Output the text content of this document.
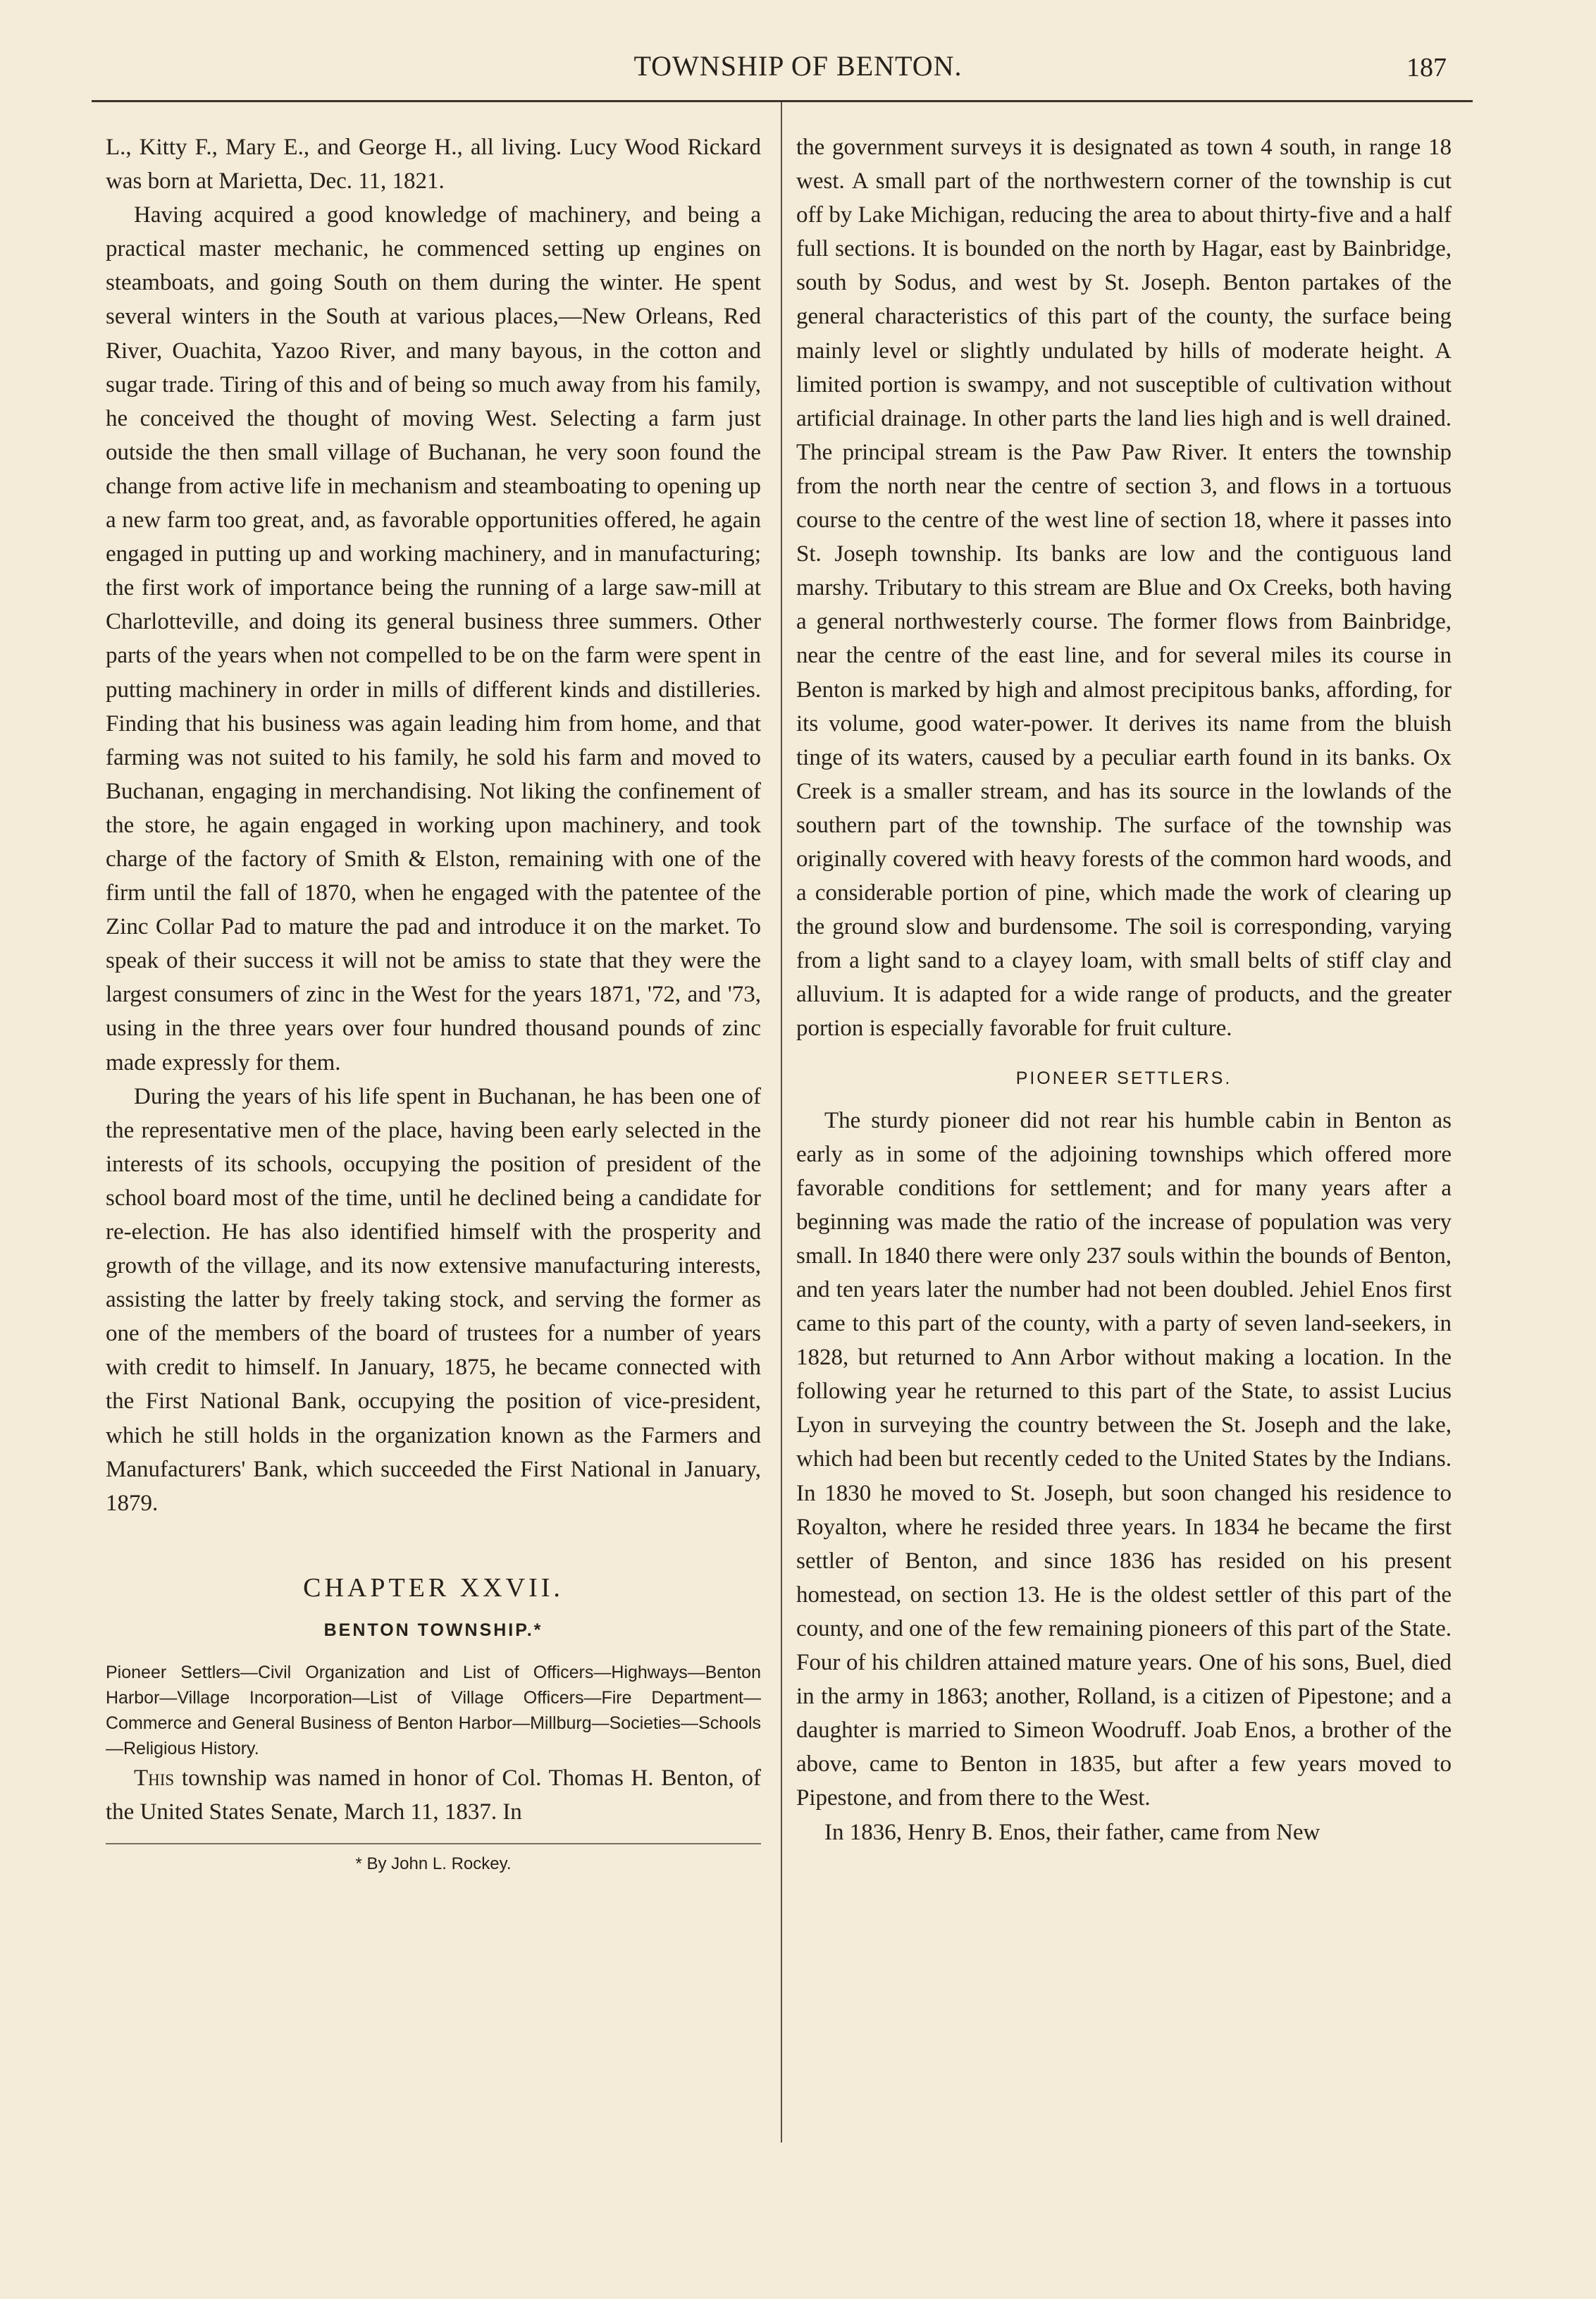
TOWNSHIP OF BENTON.	187

L., Kitty F., Mary E., and George H., all living. Lucy Wood Rickard was born at Marietta, Dec. 11, 1821.

Having acquired a good knowledge of machinery, and being a practical master mechanic, he commenced setting up engines on steamboats, and going South on them during the winter. He spent several winters in the South at various places,—New Orleans, Red River, Ouachita, Yazoo River, and many bayous, in the cotton and sugar trade. Tiring of this and of being so much away from his family, he conceived the thought of moving West. Selecting a farm just outside the then small village of Buchanan, he very soon found the change from active life in mechanism and steamboating to opening up a new farm too great, and, as favorable opportunities offered, he again engaged in putting up and working machinery, and in manufacturing; the first work of importance being the running of a large saw-mill at Charlotteville, and doing its general business three summers. Other parts of the years when not compelled to be on the farm were spent in putting machinery in order in mills of different kinds and distilleries. Finding that his business was again leading him from home, and that farming was not suited to his family, he sold his farm and moved to Buchanan, engaging in merchandising. Not liking the confinement of the store, he again engaged in working upon machinery, and took charge of the factory of Smith & Elston, remaining with one of the firm until the fall of 1870, when he engaged with the patentee of the Zinc Collar Pad to mature the pad and introduce it on the market. To speak of their success it will not be amiss to state that they were the largest consumers of zinc in the West for the years 1871, '72, and '73, using in the three years over four hundred thousand pounds of zinc made expressly for them.

During the years of his life spent in Buchanan, he has been one of the representative men of the place, having been early selected in the interests of its schools, occupying the position of president of the school board most of the time, until he declined being a candidate for re-election. He has also identified himself with the prosperity and growth of the village, and its now extensive manufacturing interests, assisting the latter by freely taking stock, and serving the former as one of the members of the board of trustees for a number of years with credit to himself. In January, 1875, he became connected with the First National Bank, occupying the position of vice-president, which he still holds in the organization known as the Farmers and Manufacturers' Bank, which succeeded the First National in January, 1879.

CHAPTER XXVII.
BENTON TOWNSHIP.*
Pioneer Settlers—Civil Organization and List of Officers—Highways—Benton Harbor—Village Incorporation—List of Village Officers—Fire Department—Commerce and General Business of Benton Harbor—Millburg—Societies—Schools—Religious History.

This township was named in honor of Col. Thomas H. Benton, of the United States Senate, March 11, 1837. In

* By John L. Rockey.

the government surveys it is designated as town 4 south, in range 18 west. A small part of the northwestern corner of the township is cut off by Lake Michigan, reducing the area to about thirty-five and a half full sections. It is bounded on the north by Hagar, east by Bainbridge, south by Sodus, and west by St. Joseph. Benton partakes of the general characteristics of this part of the county, the surface being mainly level or slightly undulated by hills of moderate height. A limited portion is swampy, and not susceptible of cultivation without artificial drainage. In other parts the land lies high and is well drained. The principal stream is the Paw Paw River. It enters the township from the north near the centre of section 3, and flows in a tortuous course to the centre of the west line of section 18, where it passes into St. Joseph township. Its banks are low and the contiguous land marshy. Tributary to this stream are Blue and Ox Creeks, both having a general northwesterly course. The former flows from Bainbridge, near the centre of the east line, and for several miles its course in Benton is marked by high and almost precipitous banks, affording, for its volume, good water-power. It derives its name from the bluish tinge of its waters, caused by a peculiar earth found in its banks. Ox Creek is a smaller stream, and has its source in the lowlands of the southern part of the township. The surface of the township was originally covered with heavy forests of the common hard woods, and a considerable portion of pine, which made the work of clearing up the ground slow and burdensome. The soil is corresponding, varying from a light sand to a clayey loam, with small belts of stiff clay and alluvium. It is adapted for a wide range of products, and the greater portion is especially favorable for fruit culture.

PIONEER SETTLERS.

The sturdy pioneer did not rear his humble cabin in Benton as early as in some of the adjoining townships which offered more favorable conditions for settlement; and for many years after a beginning was made the ratio of the increase of population was very small. In 1840 there were only 237 souls within the bounds of Benton, and ten years later the number had not been doubled. Jehiel Enos first came to this part of the county, with a party of seven land-seekers, in 1828, but returned to Ann Arbor without making a location. In the following year he returned to this part of the State, to assist Lucius Lyon in surveying the country between the St. Joseph and the lake, which had been but recently ceded to the United States by the Indians. In 1830 he moved to St. Joseph, but soon changed his residence to Royalton, where he resided three years. In 1834 he became the first settler of Benton, and since 1836 has resided on his present homestead, on section 13. He is the oldest settler of this part of the county, and one of the few remaining pioneers of this part of the State. Four of his children attained mature years. One of his sons, Buel, died in the army in 1863; another, Rolland, is a citizen of Pipestone; and a daughter is married to Simeon Woodruff. Joab Enos, a brother of the above, came to Benton in 1835, but after a few years moved to Pipestone, and from there to the West.

In 1836, Henry B. Enos, their father, came from New
